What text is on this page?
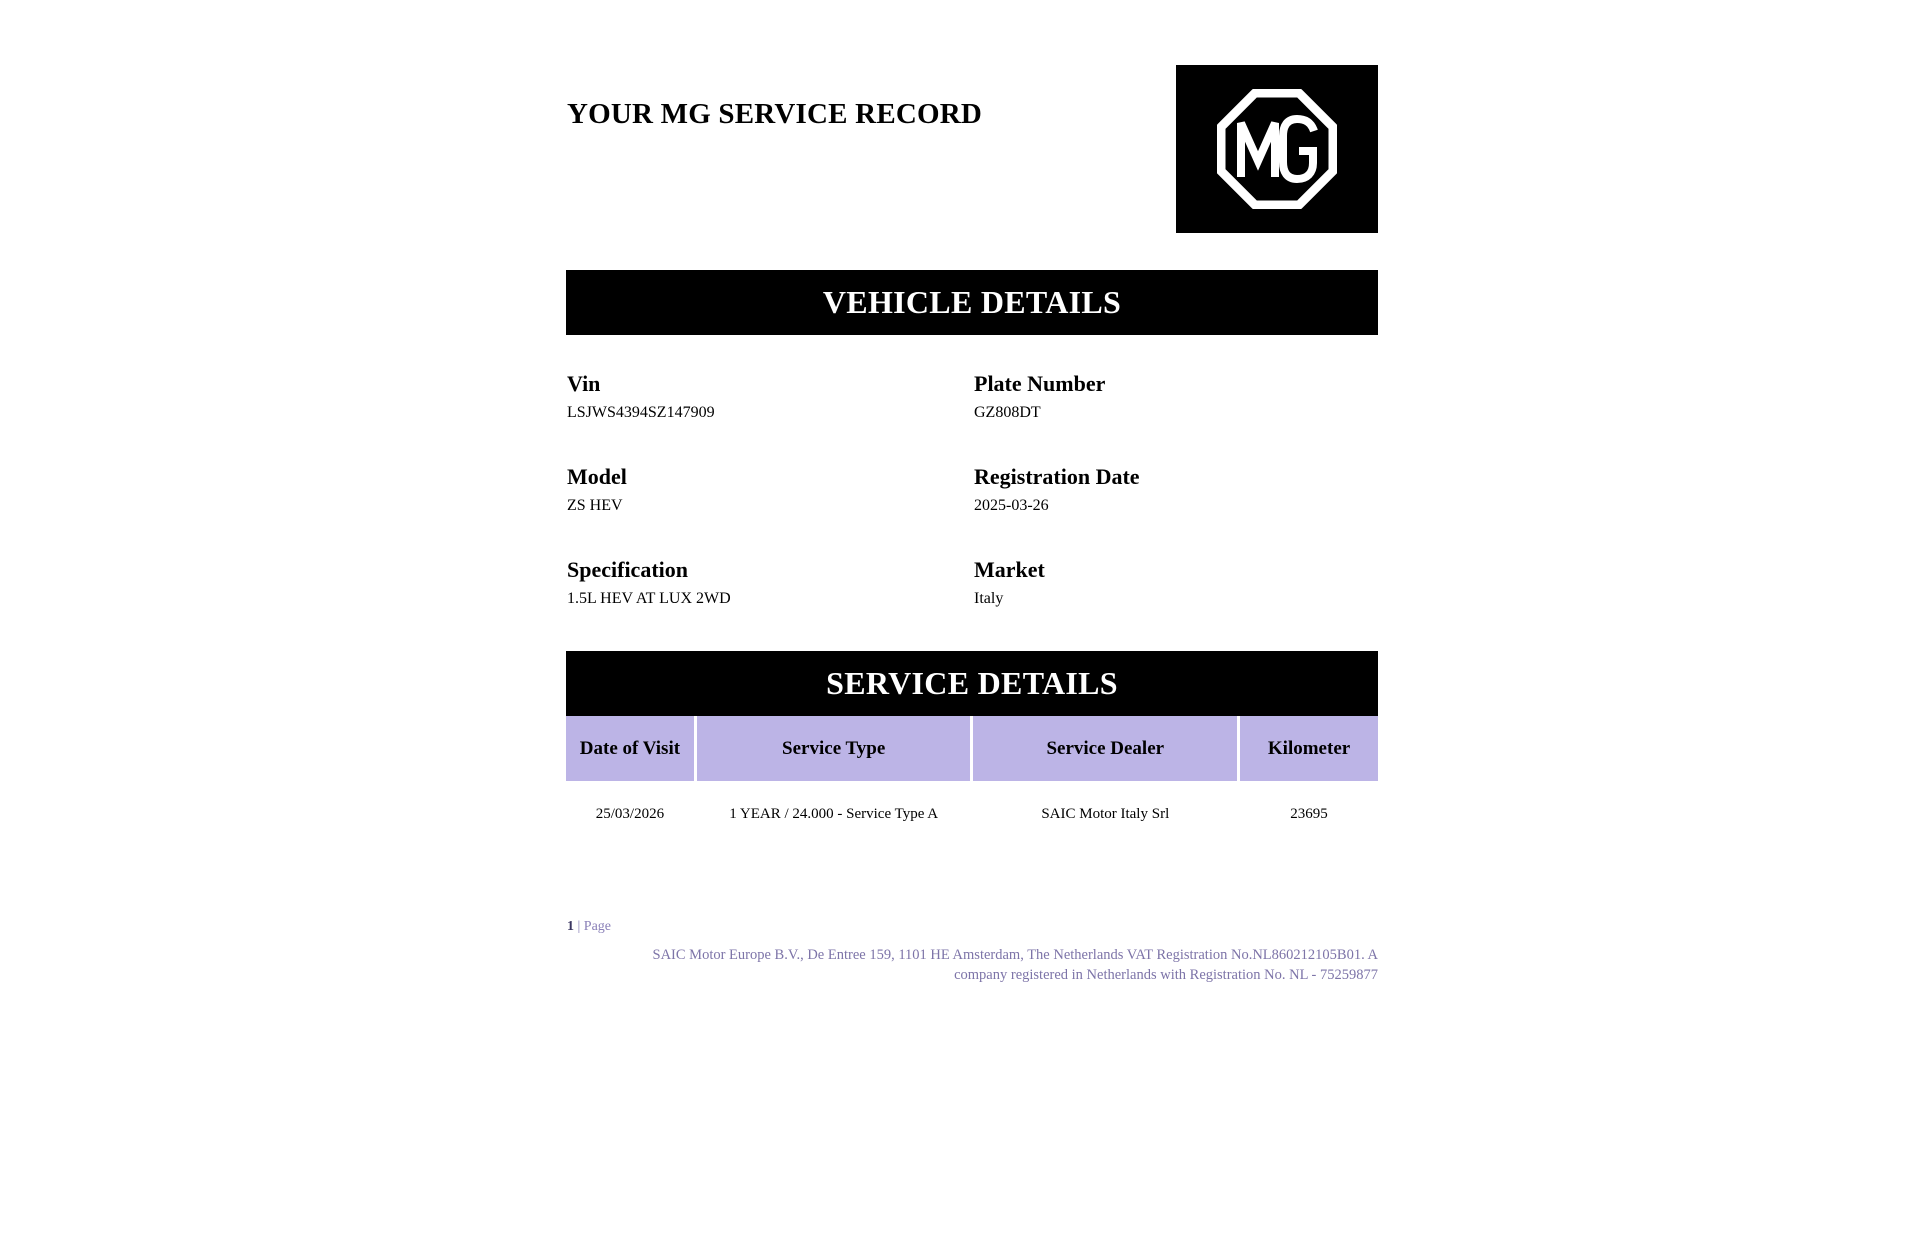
YOUR MG SERVICE RECORD
VEHICLE DETAILS
Vin
LSJWS4394SZ147909
Plate Number
GZ808DT
Model
ZS HEV
Registration Date
2025-03-26
Specification
1.5L HEV AT LUX 2WD
Market
Italy
SERVICE DETAILS
Date of Visit	Service Type	Service Dealer	Kilometer
25/03/2026	1 YEAR / 24.000 - Service Type A	SAIC Motor Italy Srl	23695
1 | Page
SAIC Motor Europe B.V., De Entree 159, 1101 HE Amsterdam, The Netherlands VAT Registration No.NL860212105B01. A
company registered in Netherlands with Registration No. NL - 75259877
